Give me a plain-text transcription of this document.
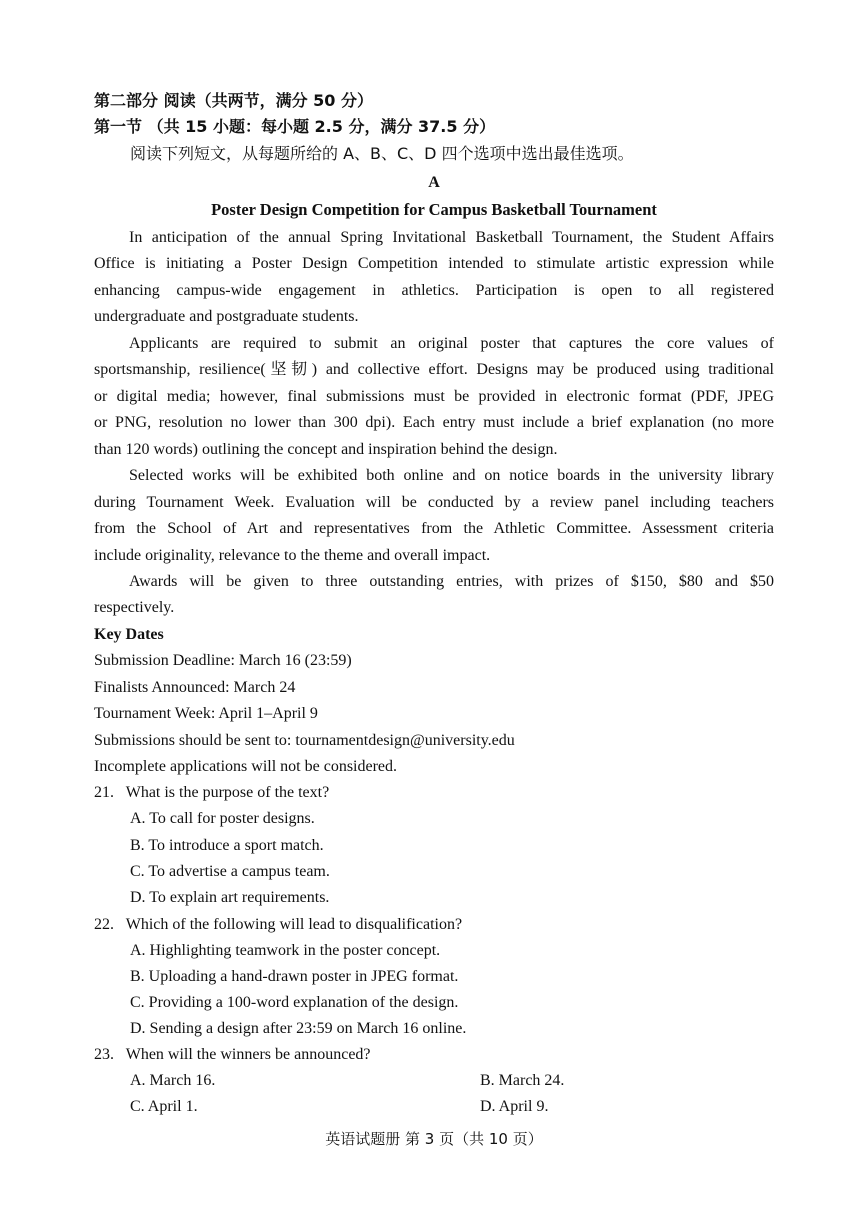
第二部分 阅读（共两节，满分 50 分）
第一节 （共 15 小题：每小题 2.5 分，满分 37.5 分）
阅读下列短文，从每题所给的 A、B、C、D 四个选项中选出最佳选项。
A
Poster Design Competition for Campus Basketball Tournament
In anticipation of the annual Spring Invitational Basketball Tournament, the Student Affairs
Office is initiating a Poster Design Competition intended to stimulate artistic expression while
enhancing campus-wide engagement in athletics. Participation is open to all registered
undergraduate and postgraduate students.
Applicants are required to submit an original poster that captures the core values of
sportsmanship, resilience(坚韧) and collective effort. Designs may be produced using traditional
or digital media; however, final submissions must be provided in electronic format (PDF, JPEG
or PNG, resolution no lower than 300 dpi). Each entry must include a brief explanation (no more
than 120 words) outlining the concept and inspiration behind the design.
Selected works will be exhibited both online and on notice boards in the university library
during Tournament Week. Evaluation will be conducted by a review panel including teachers
from the School of Art and representatives from the Athletic Committee. Assessment criteria
include originality, relevance to the theme and overall impact.
Awards will be given to three outstanding entries, with prizes of $150, $80 and $50
respectively.
Key Dates
Submission Deadline: March 16 (23:59)
Finalists Announced: March 24
Tournament Week: April 1–April 9
Submissions should be sent to: tournamentdesign@university.edu
Incomplete applications will not be considered.
21.   What is the purpose of the text?
A. To call for poster designs.
B. To introduce a sport match.
C. To advertise a campus team.
D. To explain art requirements.
22.   Which of the following will lead to disqualification?
A. Highlighting teamwork in the poster concept.
B. Uploading a hand-drawn poster in JPEG format.
C. Providing a 100-word explanation of the design.
D. Sending a design after 23:59 on March 16 online.
23.   When will the winners be announced?
A. March 16.	B. March 24.
C. April 1.	D. April 9.
英语试题册 第 3 页（共 10 页）
